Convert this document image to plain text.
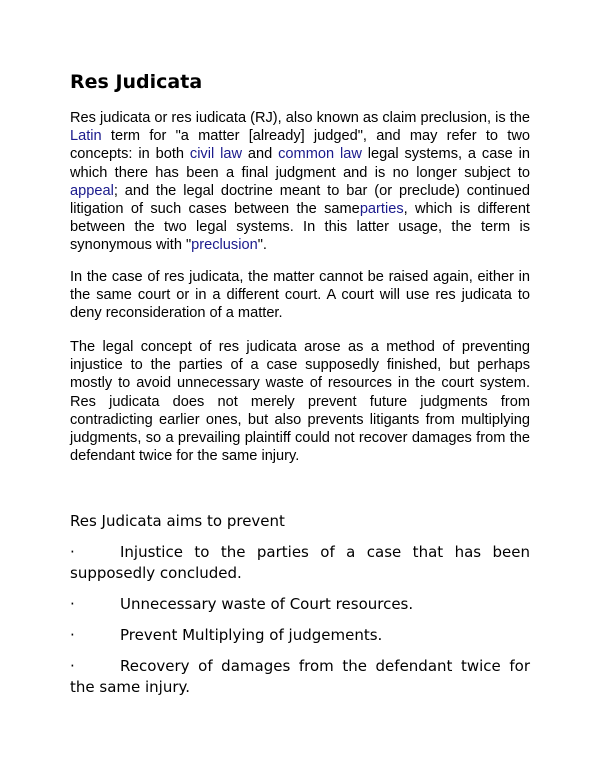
Res Judicata

Res judicata or res iudicata (RJ), also known as claim preclusion, is the Latin term for "a matter [already] judged", and may refer to two concepts: in both civil law and common law legal systems, a case in which there has been a final judgment and is no longer subject to appeal; and the legal doctrine meant to bar (or preclude) continued litigation of such cases between the sameparties, which is different between the two legal systems. In this latter usage, the term is synonymous with "preclusion".

In the case of res judicata, the matter cannot be raised again, either in the same court or in a different court. A court will use res judicata to deny reconsideration of a matter.

The legal concept of res judicata arose as a method of preventing injustice to the parties of a case supposedly finished, but perhaps mostly to avoid unnecessary waste of resources in the court system. Res judicata does not merely prevent future judgments from contradicting earlier ones, but also prevents litigants from multiplying judgments, so a prevailing plaintiff could not recover damages from the defendant twice for the same injury.

Res Judicata aims to prevent

·	Injustice to the parties of a case that has been supposedly concluded.
·	Unnecessary waste of Court resources.
·	Prevent Multiplying of judgements.
·	Recovery of damages from the defendant twice for the same injury.
